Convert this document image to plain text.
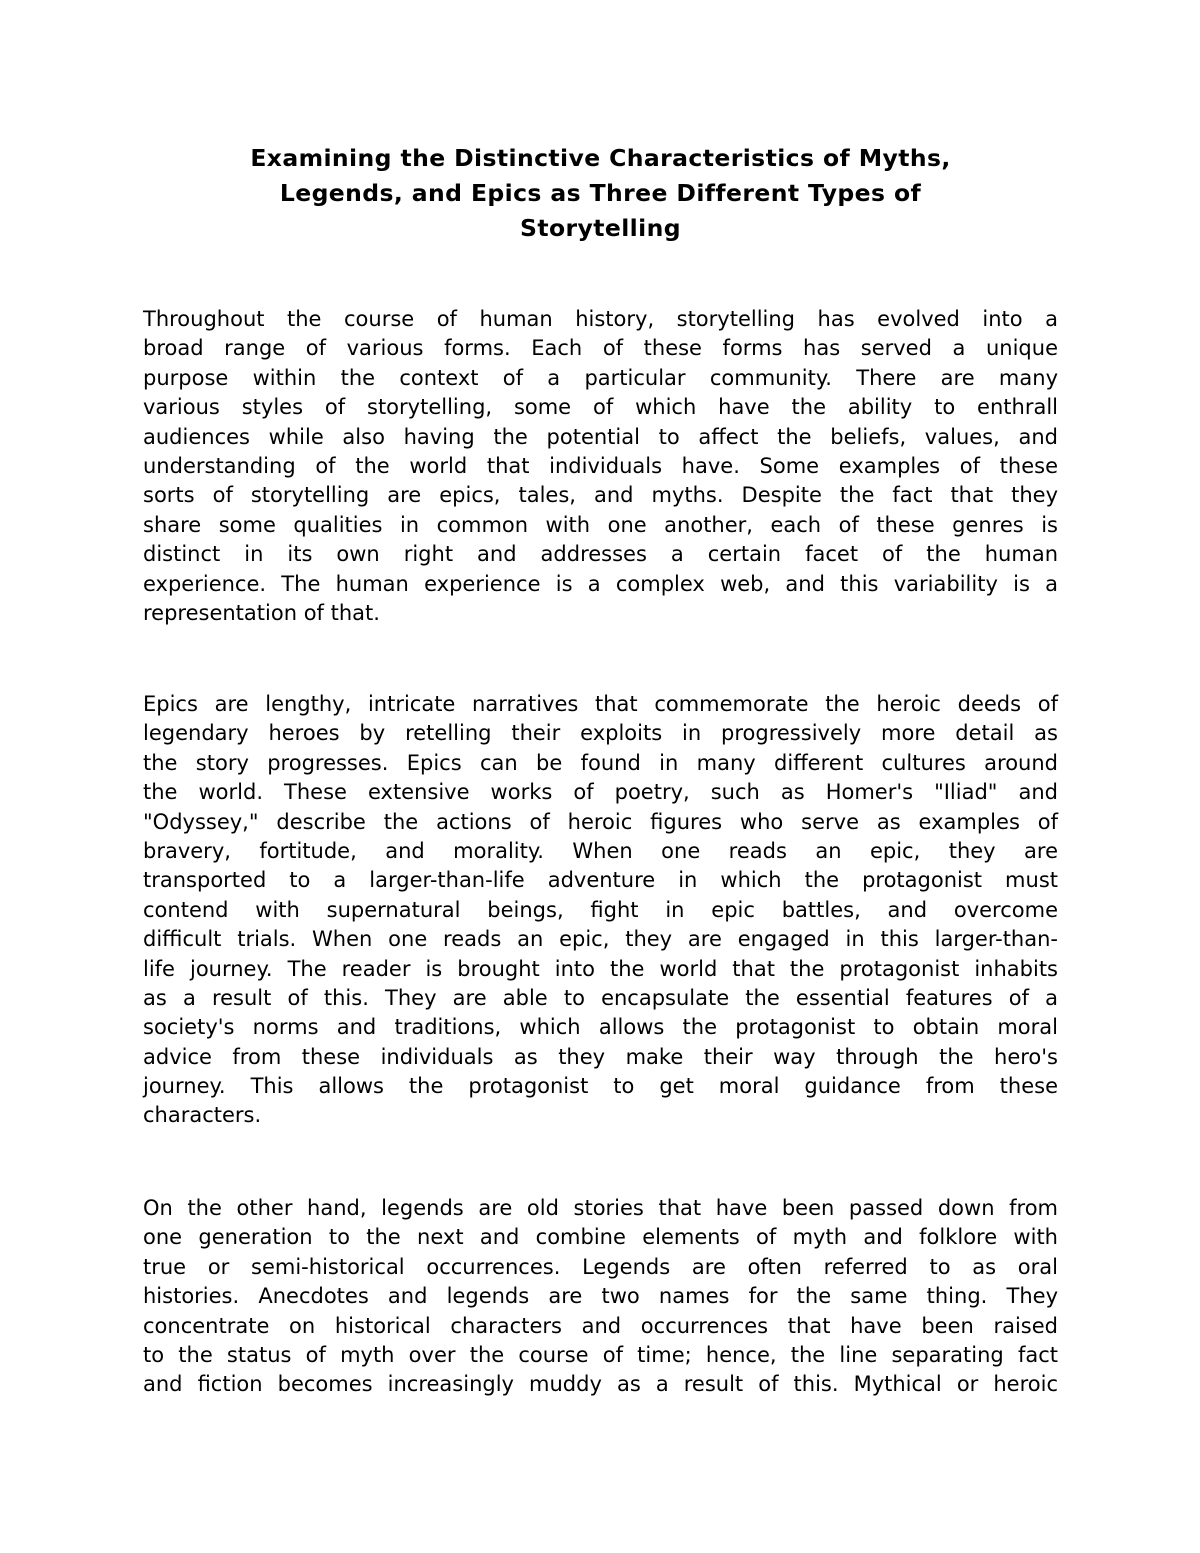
Examining the Distinctive Characteristics of Myths,
Legends, and Epics as Three Different Types of
Storytelling
Throughout the course of human history, storytelling has evolved into a
broad range of various forms. Each of these forms has served a unique
purpose within the context of a particular community. There are many
various styles of storytelling, some of which have the ability to enthrall
audiences while also having the potential to affect the beliefs, values, and
understanding of the world that individuals have. Some examples of these
sorts of storytelling are epics, tales, and myths. Despite the fact that they
share some qualities in common with one another, each of these genres is
distinct in its own right and addresses a certain facet of the human
experience. The human experience is a complex web, and this variability is a
representation of that.
Epics are lengthy, intricate narratives that commemorate the heroic deeds of
legendary heroes by retelling their exploits in progressively more detail as
the story progresses. Epics can be found in many different cultures around
the world. These extensive works of poetry, such as Homer's "Iliad" and
"Odyssey," describe the actions of heroic figures who serve as examples of
bravery, fortitude, and morality. When one reads an epic, they are
transported to a larger-than-life adventure in which the protagonist must
contend with supernatural beings, fight in epic battles, and overcome
difficult trials. When one reads an epic, they are engaged in this larger-than-
life journey. The reader is brought into the world that the protagonist inhabits
as a result of this. They are able to encapsulate the essential features of a
society's norms and traditions, which allows the protagonist to obtain moral
advice from these individuals as they make their way through the hero's
journey. This allows the protagonist to get moral guidance from these
characters.
On the other hand, legends are old stories that have been passed down from
one generation to the next and combine elements of myth and folklore with
true or semi-historical occurrences. Legends are often referred to as oral
histories. Anecdotes and legends are two names for the same thing. They
concentrate on historical characters and occurrences that have been raised
to the status of myth over the course of time; hence, the line separating fact
and fiction becomes increasingly muddy as a result of this. Mythical or heroic
